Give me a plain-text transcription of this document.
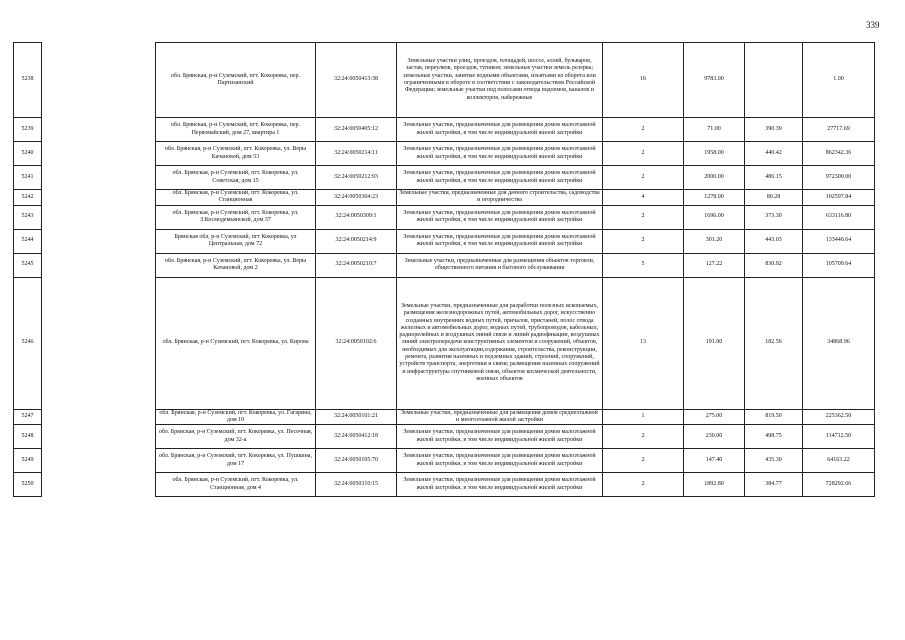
339
5238		обл. Брянская, р-н Суземский, пгт. Кокоревка, пер. Партизанский	32:24:0050413:38	Земельные участки улиц, проездов, площадей, шоссе, аллей, бульваров, застав, переулков, проездов, тупиков; земельные участки земель резерва; земельные участки, занятые водными объектами, изъятыми из оборота или ограниченными в обороте в соответствии с законодательством Российской Федерации; земельные участки под полосами отвода водоемов, каналов и коллекторов, набережные	16	9783.00		1.00
5239		обл. Брянская, р-н Суземский, пгт. Кокоревка, пер. Первомайский, дом 27, квартира 1	32:24:0050405:12	Земельные участки, предназначенные для размещения домов малоэтажной жилой застройки, в том числе индивидуальной жилой застройки	2	71.00	390.39	27717.69
5240		обл. Брянская, р-н Суземский, пгт. Кокоревка, ул. Веры Качановой, дом 53	32:24:0050214:11	Земельные участки, предназначенные для размещения домов малоэтажной жилой застройки, в том числе индивидуальной жилой застройки	2	1958.00	440.42	862342.36
5241		обл. Брянская, р-н Суземский, пгт. Кокоревка, ул. Советская, дом 15	32:24:0050212:93	Земельные участки, предназначенные для размещения домов малоэтажной жилой застройки, в том числе индивидуальной жилой застройки	2	2000.00	486.15	972300.00
5242		обл. Брянская, р-н Суземский, пгт. Кокоревка, ул. Станционная	32:24:0050304:23	Земельные участки, предназначенные для дачного строительства, садоводства и огородничества	4	1278.00	80.28	102597.84
5243		обл. Брянская, р-н Суземский, пгт. Кокоревка, ул. З.Космодемьянской, дом 37	32:24:0050309:1	Земельные участки, предназначенные для размещения домов малоэтажной жилой застройки, в том числе индивидуальной жилой застройки	2	1696.00	373.30	633116.80
5244		Брянская обл, р-н Суземский, пгт Кокоревка, ул Центральная, дом 72	32:24:0050214:9	Земельные участки, предназначенные для размещения домов малоэтажной жилой застройки, в том числе индивидуальной жилой застройки	2	301.20	443.03	133440.64
5245		обл. Брянская, р-н Суземский, пгт. Кокоревка, ул. Веры Качановой, дом 2	32:24:0050210:7	Земельные участки, предназначенные для размещения объектов торговли, общественного питания и бытового обслуживания	5	127.22	830.92	105709.64
5246		обл. Брянская, р-н Суземский, пгт. Кокоревка, ул. Кирова	32:24:0050102:6	Земельные участки, предназначенные для разработки полезных ископаемых, размещения железнодорожных путей, автомобильных дорог, искусственно созданных внутренних водных путей, причалов, пристаней, полос отвода железных и автомобильных дорог, водных путей, трубопроводов, кабельных, радиорелейных и воздушных линий связи и линий радиофикации, воздушных линий электропередачи конструктивных элементов и сооружений, объектов, необходимых для эксплуатации,содержания, строительства, реконструкции, ремонта, развития наземных и подземных зданий, строений, сооружений, устройств транспорта, энергетики и связи; размещения наземных сооружений и инфраструктуры спутниковой связи, объектов космической деятельности, военных объектов	13	191.00	182.56	34868.96
5247		обл. Брянская, р-н Суземский, пгт. Кокоревка, ул. Гагарина, дом 10	32:24:0050101:21	Земельные участки, предназначенные для размещения домов среднеэтажной и многоэтажной жилой застройки	1	275.00	819.50	225362.50
5248		обл. Брянская, р-н Суземский, пгт. Кокоревка, ул. Песочная, дом 32-а	32:24:0050412:18	Земельные участки, предназначенные для размещения домов малоэтажной жилой застройки, в том числе индивидуальной жилой застройки	2	230.00	498.75	114712.50
5249		обл. Брянская, р-н Суземский, пгт. Кокоревка, ул. Пушкина, дом 17	32:24:0050105:70	Земельные участки, предназначенные для размещения домов малоэтажной жилой застройки, в том числе индивидуальной жилой застройки	2	147.40	435.30	64163.22
5250		обл. Брянская, р-н Суземский, пгт. Кокоревка, ул. Станционная, дом 4	32:24:0050310:15	Земельные участки, предназначенные для размещения домов малоэтажной жилой застройки, в том числе индивидуальной жилой застройки	2	1892.80	384.77	728292.66
